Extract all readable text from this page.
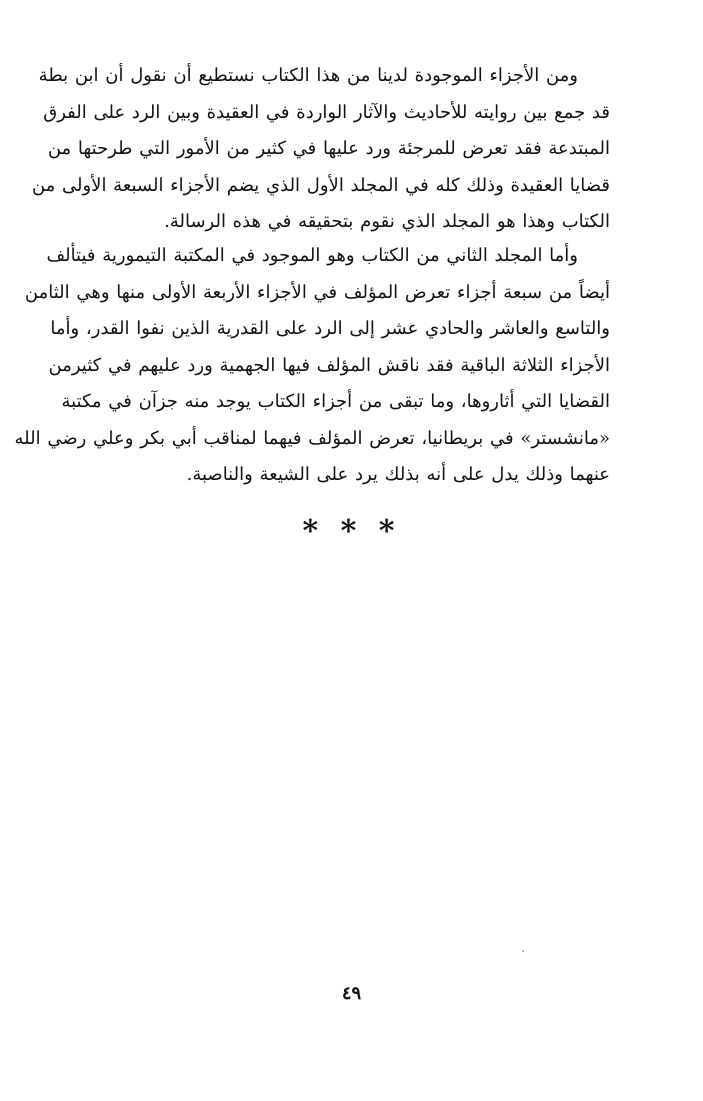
ومن الأجزاء الموجودة لدينا من هذا الكتاب نستطيع أن نقول أن ابن بطة
قد جمع بين روايته للأحاديث والآثار الواردة في العقيدة وبين الرد على الفرق
المبتدعة فقد تعرض للمرجئة ورد عليها في كثير من الأمور التي طرحتها من
قضايا العقيدة وذلك كله في المجلد الأول الذي يضم الأجزاء السبعة الأولى من
الكتاب وهذا هو المجلد الذي نقوم بتحقيقه في هذه الرسالة.
وأما المجلد الثاني من الكتاب وهو الموجود في المكتبة التيمورية فيتألف
أيضاً من سبعة أجزاء تعرض المؤلف في الأجزاء الأربعة الأولى منها وهي الثامن
والتاسع والعاشر والحادي عشر إلى الرد على القدرية الذين نفوا القدر، وأما
الأجزاء الثلاثة الباقية فقد ناقش المؤلف فيها الجهمية ورد عليهم في كثيرمن
القضايا التي أثاروها، وما تبقى من أجزاء الكتاب يوجد منه جزآن في مكتبة
«مانشستر» في بريطانيا، تعرض المؤلف فيهما لمناقب أبي بكر وعلي رضي الله
عنهما وذلك يدل على أنه بذلك يرد على الشيعة والناصبة.
* * *
٤٩
